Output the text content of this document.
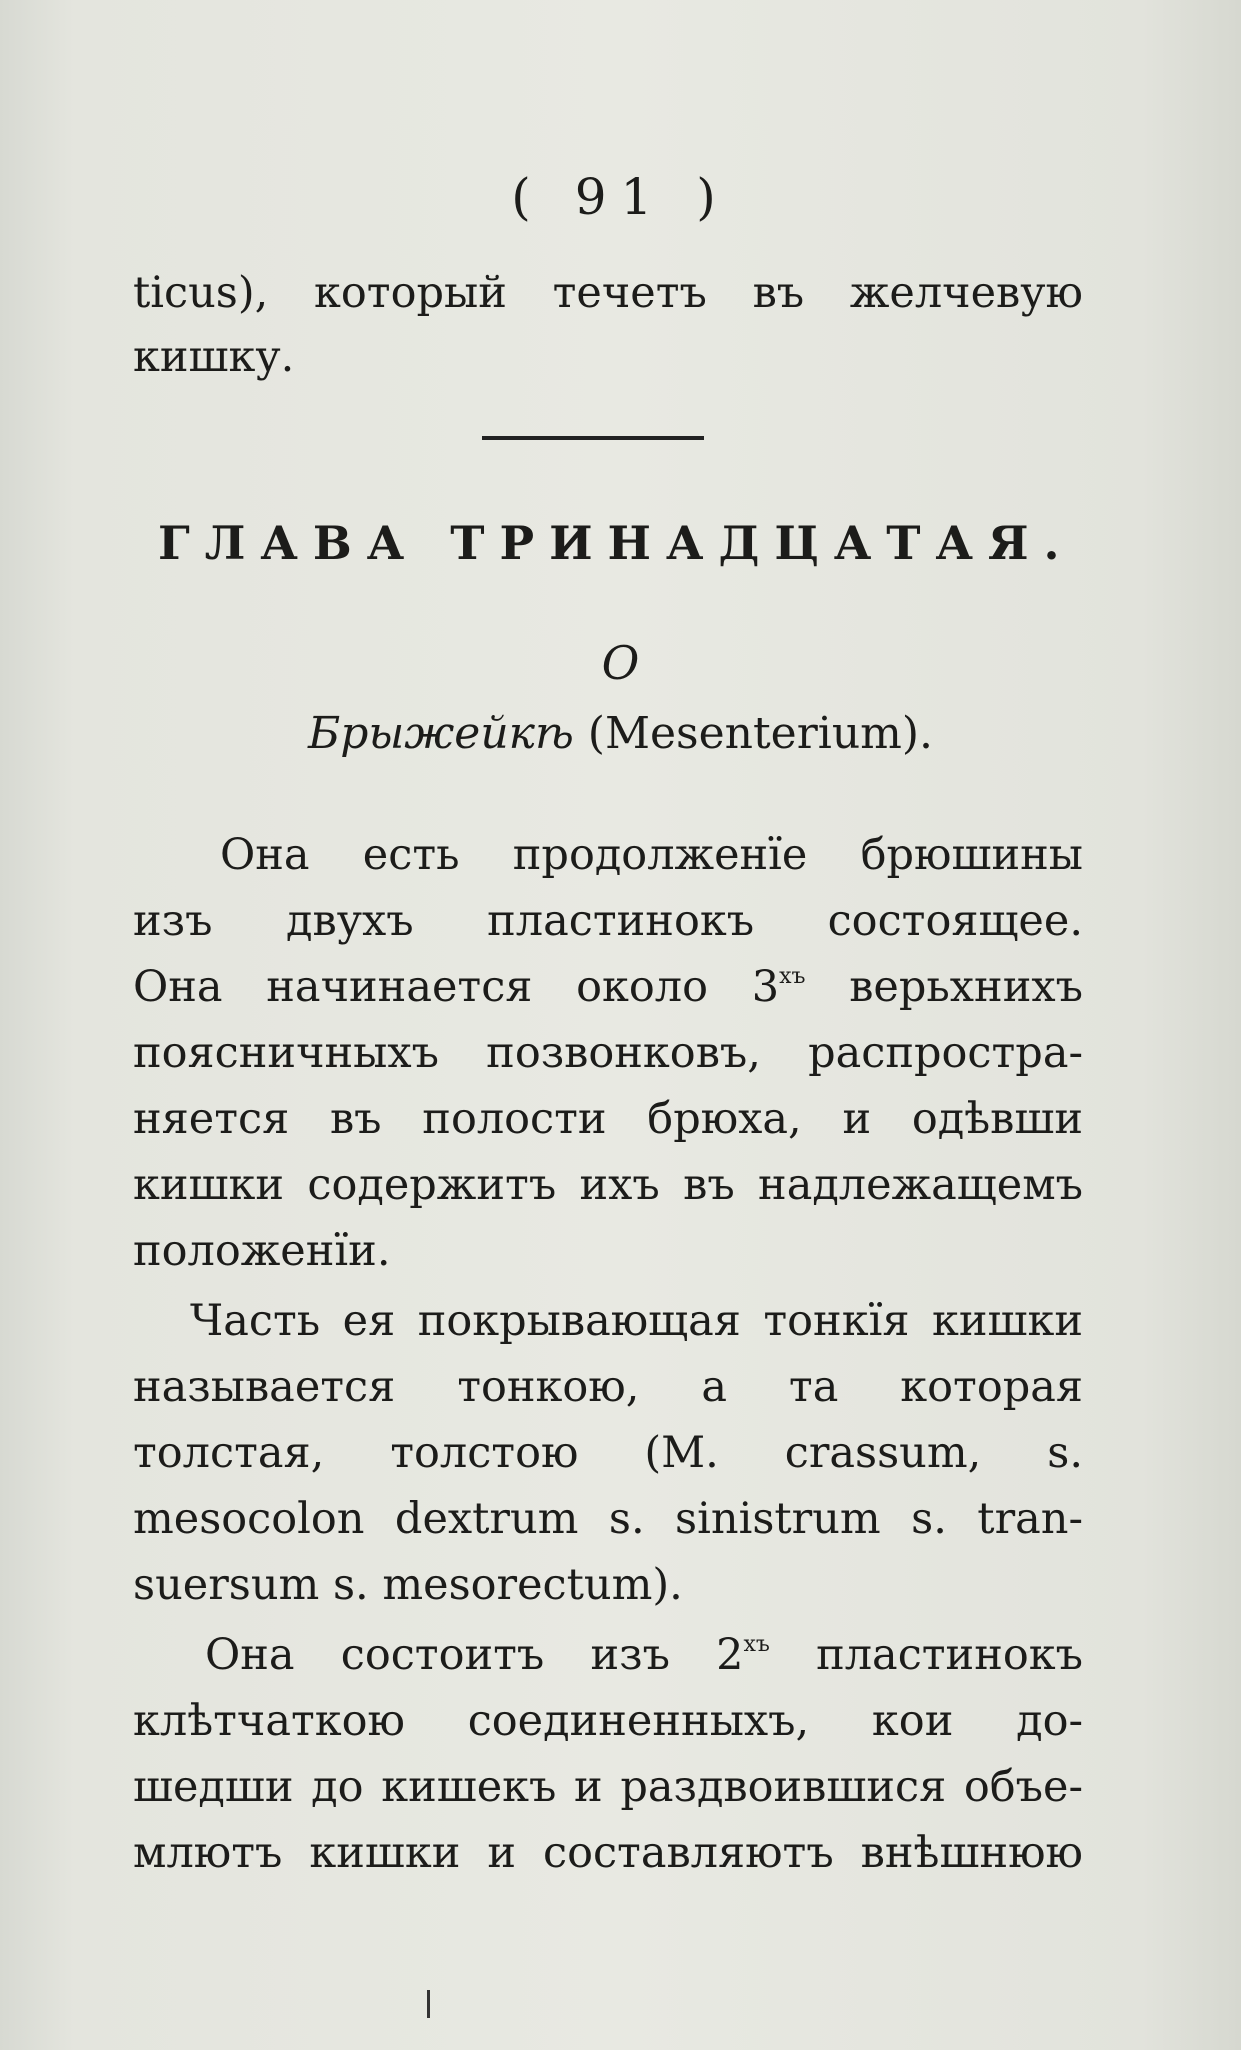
( 91 )
ticus), который течетъ въ желчевую
кишку.
ГЛАВА ТРИНАДЦАТАЯ.
О
Брыжейкѣ (Mesenterium).
Она есть продолженїе брюшины
изъ двухъ пластинокъ состоящее.
Она начинается около $3^{хъ}$ верьхнихъ
поясничныхъ позвонковъ, распростра-
няется въ полости брюха, и одѣвши
кишки содержитъ ихъ въ надлежащемъ
положенїи.
Часть ея покрывающая тонкїя кишки
называется тонкою, а та которая
толстая, толстою (M. crassum, s.
mesocolon dextrum s. sinistrum s. tran-
suersum s. mesorectum).
Она состоитъ изъ $2^{хъ}$ пластинокъ
клѣтчаткою соединенныхъ, кои до-
шедши до кишекъ и раздвоившися объе-
млютъ кишки и составляютъ внѣшнюю
